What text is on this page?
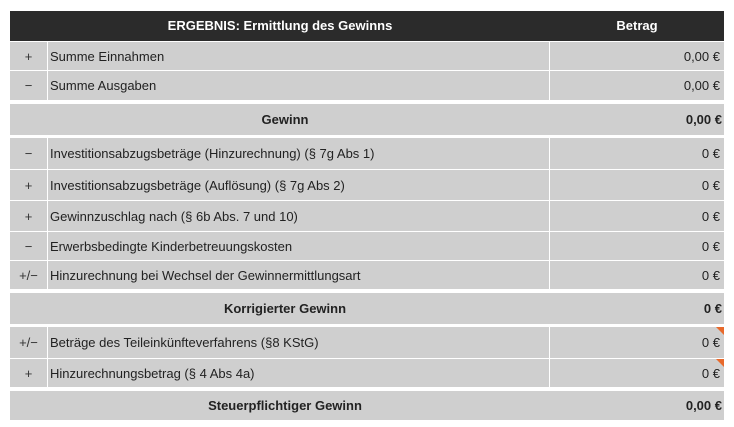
ERGEBNIS: Ermittlung des Gewinns	Betrag
+	Summe Einnahmen	0,00 €
−	Summe Ausgaben	0,00 €
Gewinn	0,00 €
−	Investitionsabzugsbeträge (Hinzurechnung) (§ 7g Abs 1)	0 €
+	Investitionsabzugsbeträge (Auflösung) (§ 7g Abs 2)	0 €
+	Gewinnzuschlag nach (§ 6b Abs. 7 und 10)	0 €
−	Erwerbsbedingte Kinderbetreuungskosten	0 €
+/− Hinzurechnung bei Wechsel der Gewinnermittlungsart	0 €
Korrigierter Gewinn	0 €
+/− Beträge des Teileinkünfteverfahrens (§8 KStG)	0 €
+	Hinzurechnungsbetrag (§ 4 Abs 4a)	0 €
Steuerpflichtiger Gewinn	0,00 €
